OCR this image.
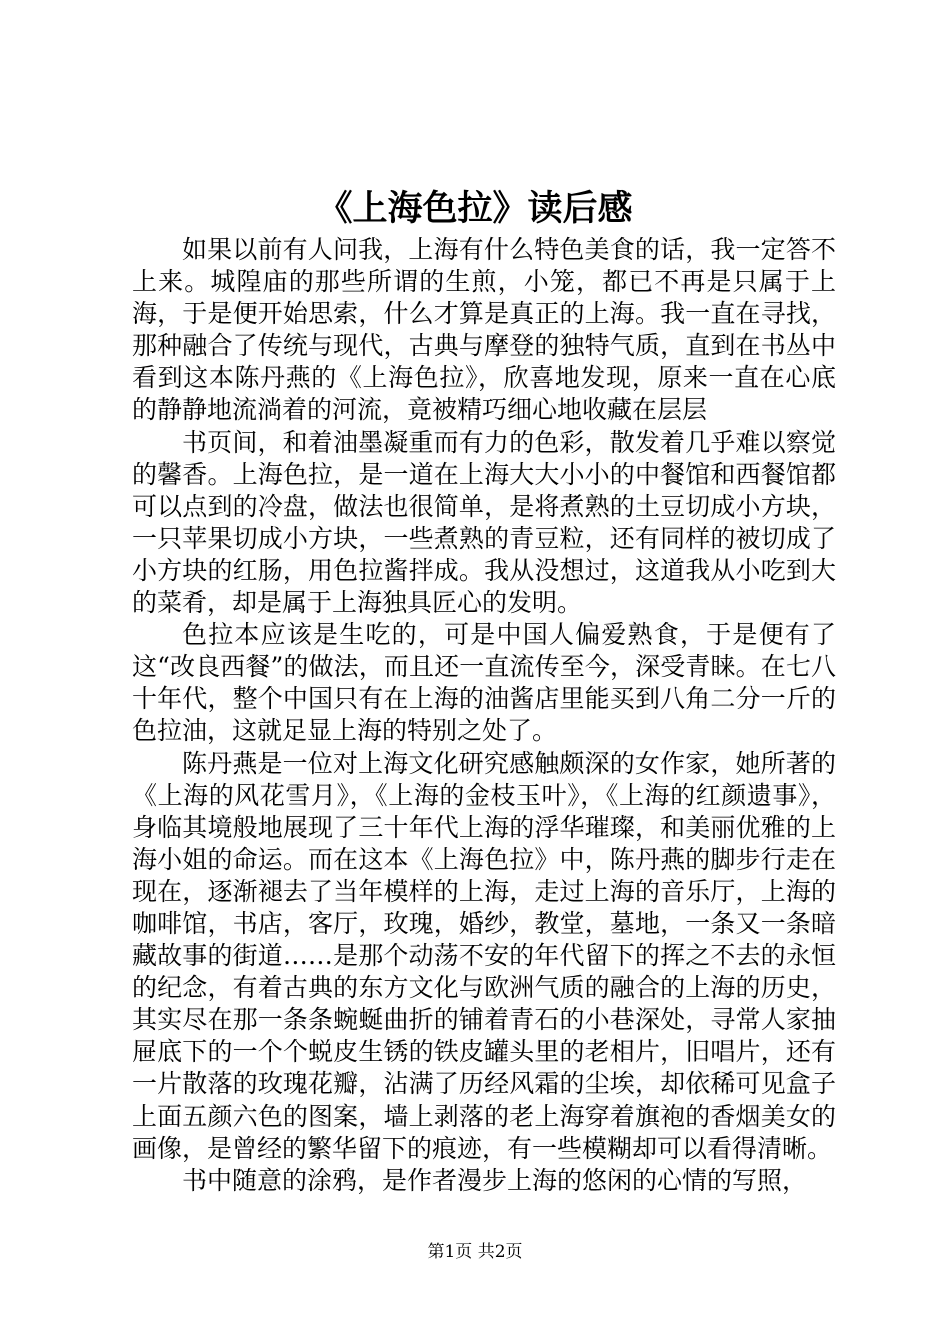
《上海色拉》读后感

如果以前有人问我，上海有什么特色美食的话，我一定答不上来。城隍庙的那些所谓的生煎，小笼，都已不再是只属于上海，于是便开始思索，什么才算是真正的上海。我一直在寻找，那种融合了传统与现代，古典与摩登的独特气质，直到在书丛中看到这本陈丹燕的《上海色拉》，欣喜地发现，原来一直在心底的静静地流淌着的河流，竟被精巧细心地收藏在层层

书页间，和着油墨凝重而有力的色彩，散发着几乎难以察觉的馨香。上海色拉，是一道在上海大大小小的中餐馆和西餐馆都可以点到的冷盘，做法也很简单，是将煮熟的土豆切成小方块，一只苹果切成小方块，一些煮熟的青豆粒，还有同样的被切成了小方块的红肠，用色拉酱拌成。我从没想过，这道我从小吃到大的菜肴，却是属于上海独具匠心的发明。

色拉本应该是生吃的，可是中国人偏爱熟食，于是便有了这“改良西餐”的做法，而且还一直流传至今，深受青睐。在七八十年代，整个中国只有在上海的油酱店里能买到八角二分一斤的色拉油，这就足显上海的特别之处了。

陈丹燕是一位对上海文化研究感触颇深的女作家，她所著的《上海的风花雪月》，《上海的金枝玉叶》，《上海的红颜遗事》，身临其境般地展现了三十年代上海的浮华璀璨，和美丽优雅的上海小姐的命运。而在这本《上海色拉》中，陈丹燕的脚步行走在现在，逐渐褪去了当年模样的上海，走过上海的音乐厅，上海的咖啡馆，书店，客厅，玫瑰，婚纱，教堂，墓地，一条又一条暗藏故事的街道……是那个动荡不安的年代留下的挥之不去的永恒的纪念，有着古典的东方文化与欧洲气质的融合的上海的历史，其实尽在那一条条蜿蜒曲折的铺着青石的小巷深处，寻常人家抽屉底下的一个个蜕皮生锈的铁皮罐头里的老相片，旧唱片，还有一片散落的玫瑰花瓣，沾满了历经风霜的尘埃，却依稀可见盒子上面五颜六色的图案，墙上剥落的老上海穿着旗袍的香烟美女的画像，是曾经的繁华留下的痕迹，有一些模糊却可以看得清晰。

书中随意的涂鸦，是作者漫步上海的悠闲的心情的写照，

第1页 共2页
